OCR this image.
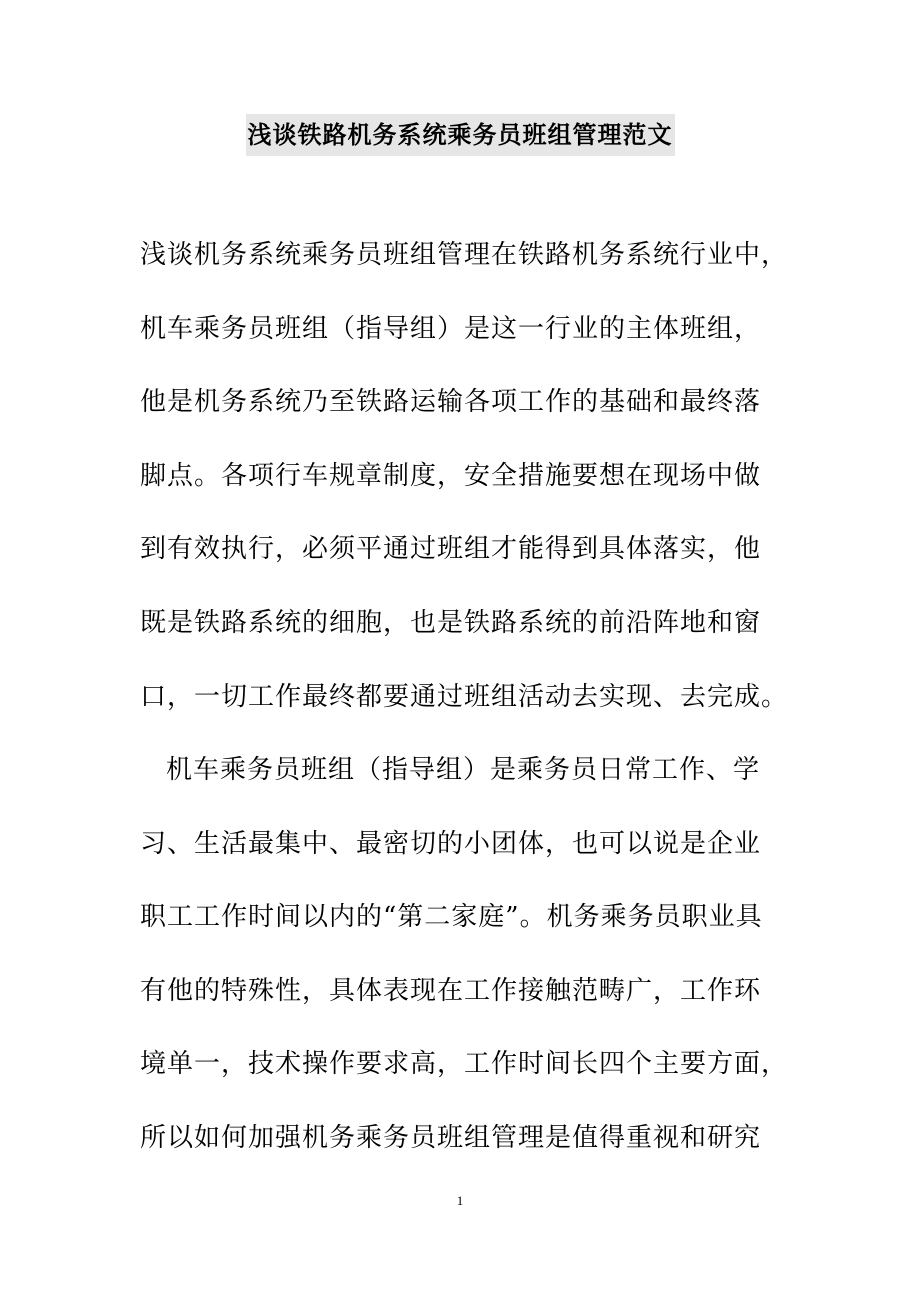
浅谈铁路机务系统乘务员班组管理范文
浅谈机务系统乘务员班组管理在铁路机务系统行业中，
机车乘务员班组（指导组）是这一行业的主体班组，
他是机务系统乃至铁路运输各项工作的基础和最终落
脚点。各项行车规章制度，安全措施要想在现场中做
到有效执行，必须平通过班组才能得到具体落实，他
既是铁路系统的细胞，也是铁路系统的前沿阵地和窗
口，一切工作最终都要通过班组活动去实现、去完成。
机车乘务员班组（指导组）是乘务员日常工作、学
习、生活最集中、最密切的小团体，也可以说是企业
职工工作时间以内的“第二家庭”。机务乘务员职业具
有他的特殊性，具体表现在工作接触范畴广，工作环
境单一，技术操作要求高，工作时间长四个主要方面，
所以如何加强机务乘务员班组管理是值得重视和研究
1
